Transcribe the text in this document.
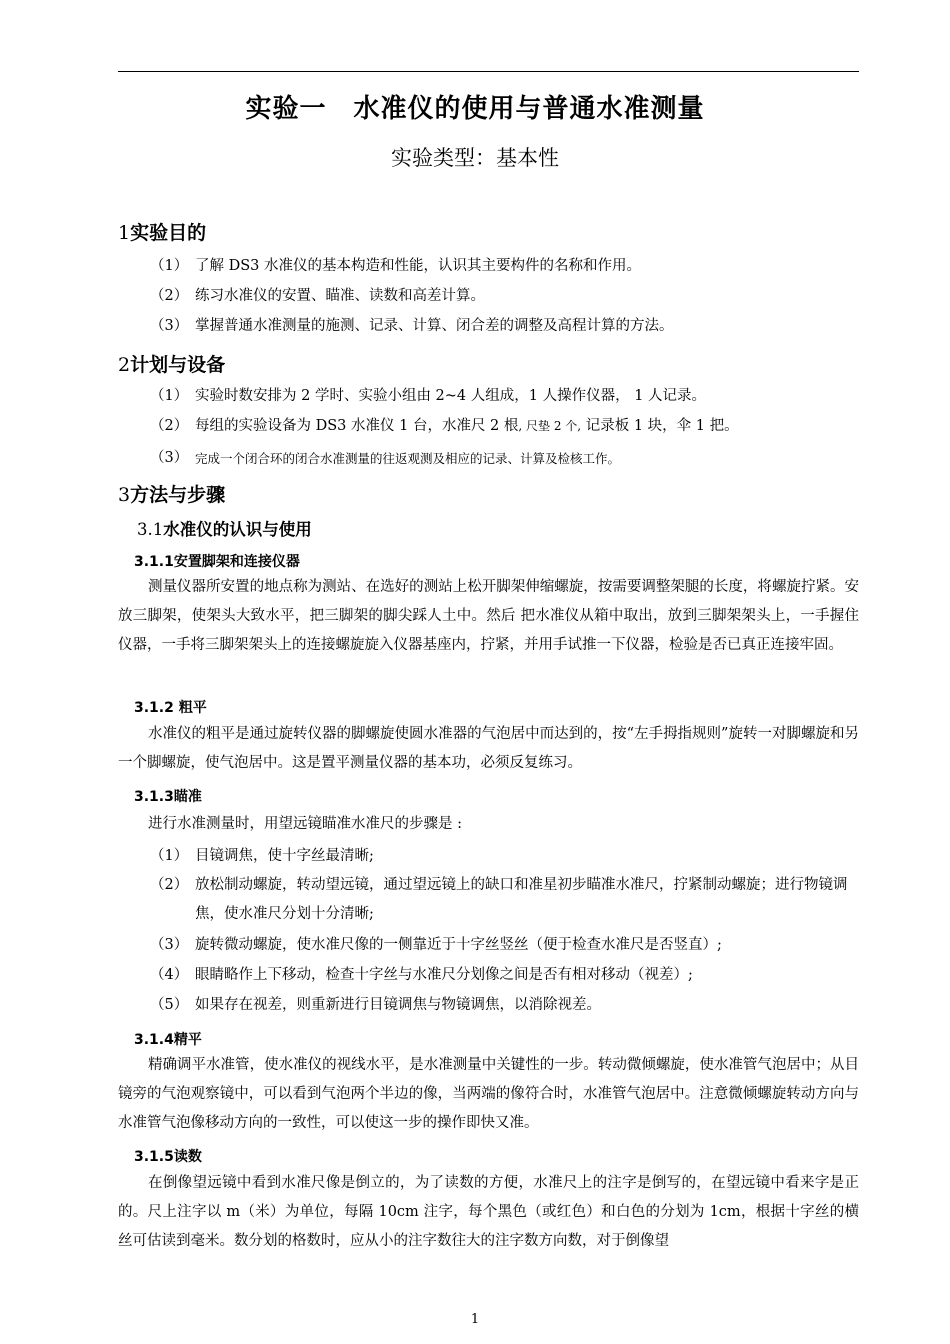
实验一　水准仪的使用与普通水准测量
实验类型：基本性
1实验目的
（1） 了解 DS3 水准仪的基本构造和性能，认识其主要构件的名称和作用。
（2） 练习水准仪的安置、瞄准、读数和高差计算。
（3） 掌握普通水准测量的施测、记录、计算、闭合差的调整及高程计算的方法。
2计划与设备
（1） 实验时数安排为 2 学时、实验小组由 2~4 人组成，1 人操作仪器， 1 人记录。
（2） 每组的实验设备为 DS3 水准仪 1 台，水准尺 2 根, 尺垫 2 个, 记录板 1 块，伞 1 把。
（3） 完成一个闭合环的闭合水准测量的往返观测及相应的记录、计算及检核工作。
3方法与步骤
3.1水准仪的认识与使用
3.1.1安置脚架和连接仪器
测量仪器所安置的地点称为测站、在选好的测站上松开脚架伸缩螺旋，按需要调整架腿的长度，将螺旋拧紧。安放三脚架，使架头大致水平，把三脚架的脚尖踩人土中。然后 把水准仪从箱中取出，放到三脚架架头上，一手握住仪器，一手将三脚架架头上的连接螺旋旋入仪器基座内，拧紧，并用手试推一下仪器，检验是否已真正连接牢固。
3.1.2 粗平
水准仪的粗平是通过旋转仪器的脚螺旋使圆水准器的气泡居中而达到的，按“左手拇指规则”旋转一对脚螺旋和另一个脚螺旋，使气泡居中。这是置平测量仪器的基本功，必须反复练习。
3.1.3瞄准
进行水准测量时，用望远镜瞄准水准尺的步骤是 :
（1） 目镜调焦，使十字丝最清晰;
（2） 放松制动螺旋，转动望远镜，通过望远镜上的缺口和准星初步瞄准水准尺，拧紧制动螺旋；进行物镜调焦，使水准尺分划十分清晰;
（3） 旋转微动螺旋，使水准尺像的一侧靠近于十字丝竖丝（便于检查水准尺是否竖直）;
（4） 眼睛略作上下移动，检查十字丝与水准尺分划像之间是否有相对移动（视差）;
（5） 如果存在视差，则重新进行目镜调焦与物镜调焦，以消除视差。
3.1.4精平
精确调平水准管，使水准仪的视线水平，是水准测量中关键性的一步。转动微倾螺旋，使水准管气泡居中；从目镜旁的气泡观察镜中，可以看到气泡两个半边的像，当两端的像符合时，水准管气泡居中。注意微倾螺旋转动方向与水准管气泡像移动方向的一致性，可以使这一步的操作即快又准。
3.1.5读数
在倒像望远镜中看到水准尺像是倒立的，为了读数的方便，水准尺上的注字是倒写的，在望远镜中看来字是正的。尺上注字以 m（米）为单位，每隔 10cm 注字，每个黑色（或红色）和白色的分划为 1cm，根据十字丝的横丝可估读到毫米。数分划的格数时，应从小的注字数往大的注字数方向数，对于倒像望
1
